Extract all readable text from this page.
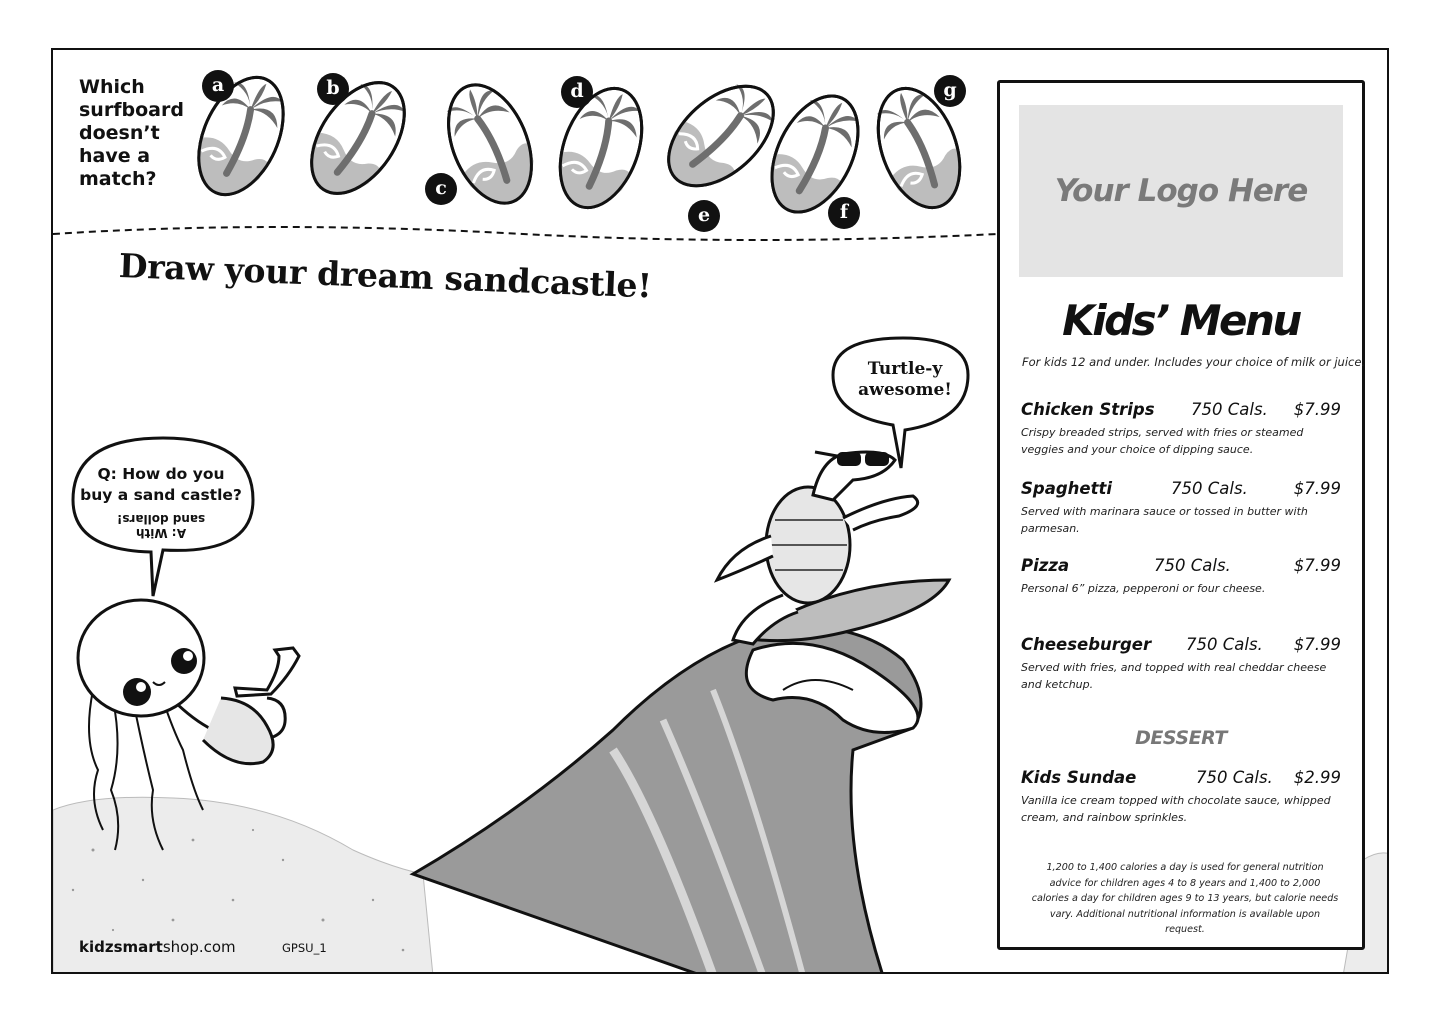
Which
surfboard
doesn’t
have a
match?
a	b
c
d
e	f
g
Draw your dream sandcastle!
Q: How do you
buy a sand castle?
A: With
sand dollars!
Turtle-y
awesome!
kidzsmartshop.com	GPSU_1
Your Logo Here
Kids’ Menu
For kids 12 and under. Includes your choice of milk or juice.
Chicken Strips 750 Cals. $7.99
Crispy breaded strips, served with fries or steamed veggies and your choice of dipping sauce.
Spaghetti	750 Cals.	$7.99
Served with marinara sauce or tossed in butter with parmesan.
Pizza	750 Cals.	$7.99
Personal 6” pizza, pepperoni or four cheese.
Cheeseburger 750 Cals. $7.99
Served with fries, and topped with real cheddar cheese and ketchup.
DESSERT
Kids Sundae	750 Cals. $2.99
Vanilla ice cream topped with chocolate sauce, whipped cream, and rainbow sprinkles.
1,200 to 1,400 calories a day is used for general nutrition advice for children ages 4 to 8 years and 1,400 to 2,000 calories a day for children ages 9 to 13 years, but calorie needs vary. Additional nutritional information is available upon request.
